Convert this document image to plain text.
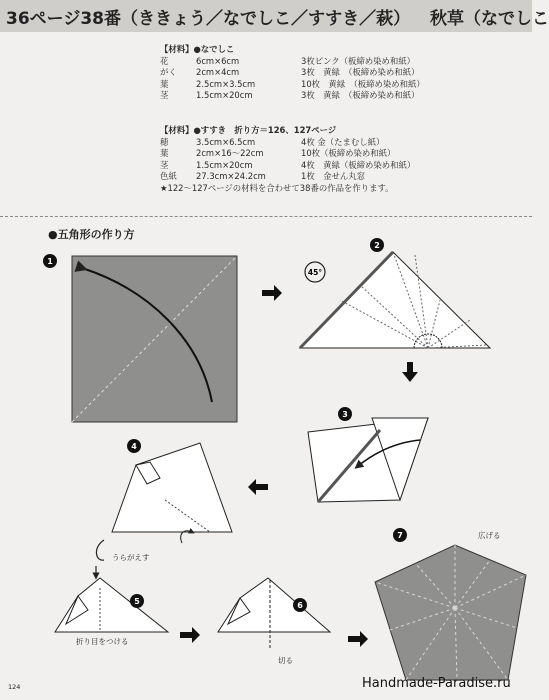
36ページ38番（ききょう／なでしこ／すすき／萩） 秋草（なでしこ
【材料】●なでしこ
花	6cm×6cm	3枚ピンク（板締め染め和紙）
がく	2cm×4cm	3枚　黄緑　（板締め染め和紙）
葉	2.5cm×3.5cm	10枚　黄緑　（板締め染め和紙）
茎	1.5cm×20cm	3枚　黄緑　（板締め染め和紙）
【材料】●すすき　折り方＝126、127ページ
穂	3.5cm×6.5cm	4枚 金（たまむし紙）
葉	2cm×16〜22cm	10枚（板締め染め和紙）
茎	1.5cm×20cm	4枚　黄緑（板締め染め和紙）
色紙	27.3cm×24.2cm	1枚　金せん丸窓
★122〜127ページの材料を合わせて38番の作品を作ります。
●五角形の作り方
1
2
45°
3
4
5	6
7
うらがえす
折り目をつける
切る
広げる
124	Handmade-Paradise.ru
